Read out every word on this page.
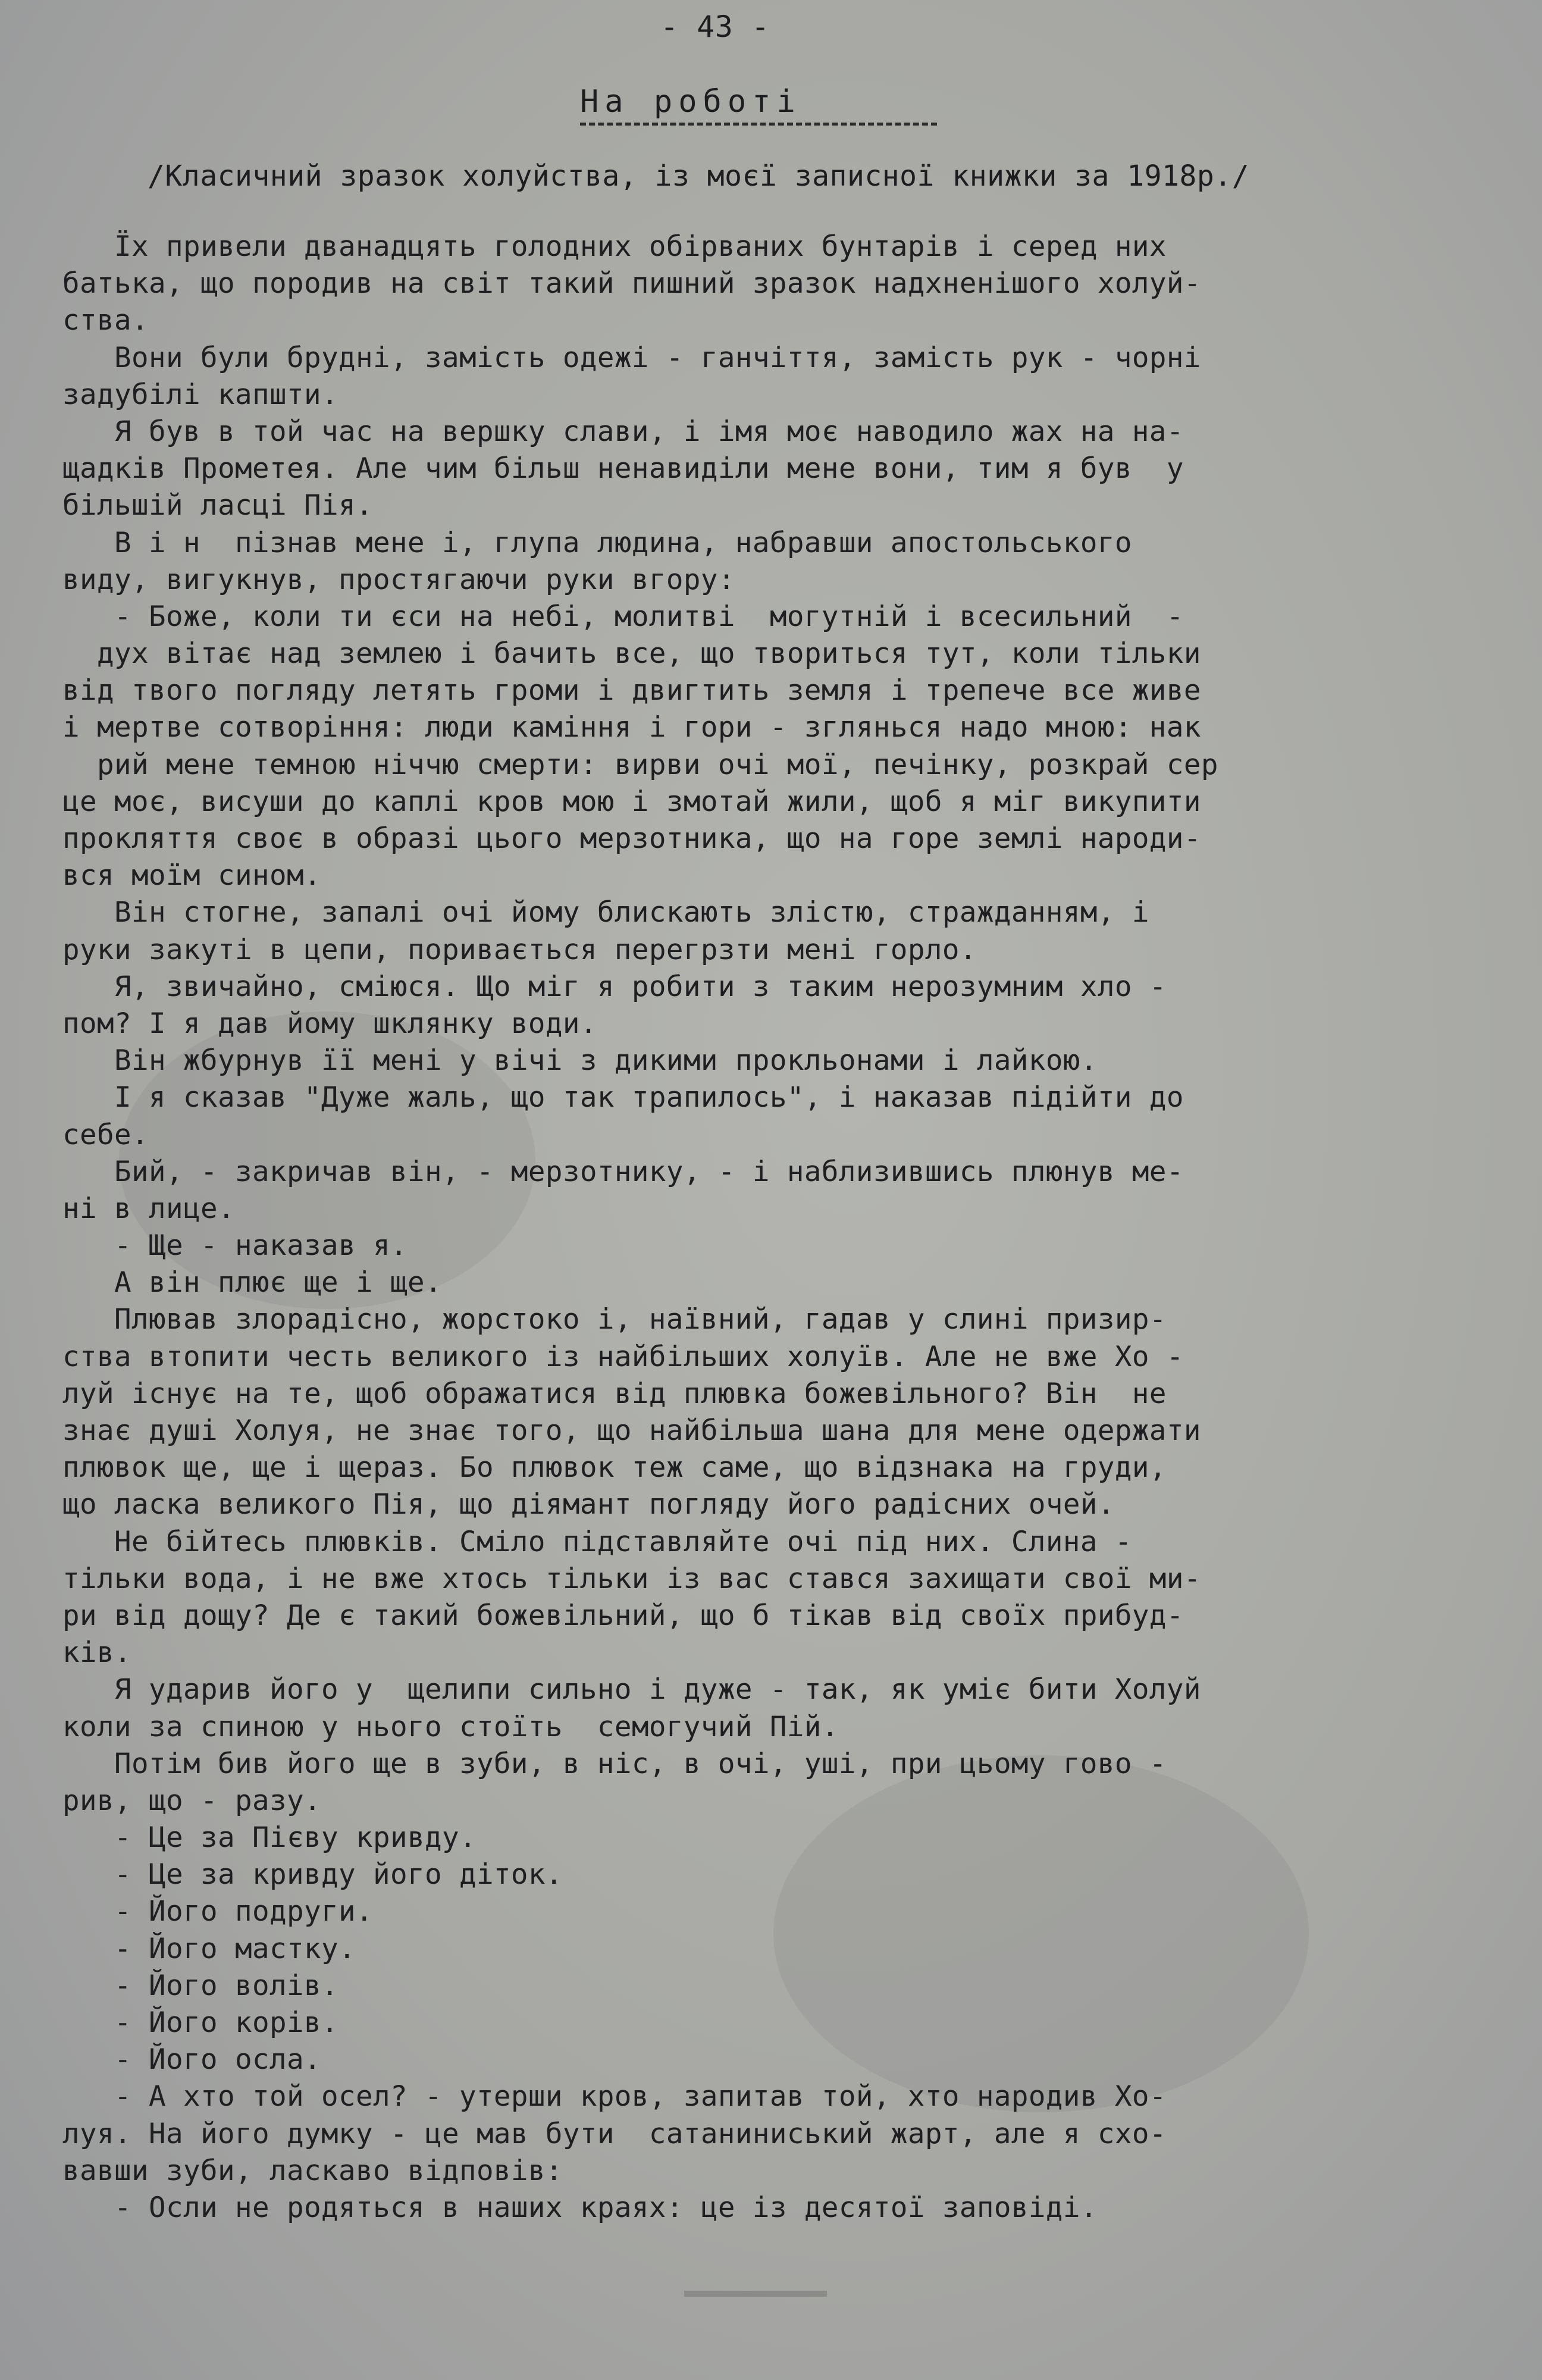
- 43 -
На роботі
/Класичний зразок холуйства, із моєї записної книжки за 1918р./
Їх привели дванадцять голодних обірваних бунтарів і серед них
батька, що породив на світ такий пишний зразок надхненішого холуй-
ства.
Вони були брудні, замість одежі - ганчіття, замість рук - чорні
задубілі капшти.
Я був в той час на вершку слави, і імя моє наводило жах на на-
щадків Прометея. Але чим більш ненавиділи мене вони, тим я був  у
більшій ласці Пія.
В і н  пізнав мене і, глупа людина, набравши апостольського
виду, вигукнув, простягаючи руки вгору:
- Боже, коли ти єси на небі, молитві  могутній і всесильний  -
дух вітає над землею і бачить все, що твориться тут, коли тільки
від твого погляду летять громи і двигтить земля і трепече все живе
і мертве сотворіння: люди каміння і гори - зглянься надо мною: нак
рий мене темною ніччю смерти: вирви очі мої, печінку, розкрай сер
це моє, висуши до каплі кров мою і змотай жили, щоб я міг викупити
прокляття своє в образі цього мерзотника, що на горе землі народи-
вся моїм сином.
Він стогне, запалі очі йому блискають злістю, стражданням, і
руки закуті в цепи, поривається перегрзти мені горло.
Я, звичайно, сміюся. Що міг я робити з таким нерозумним хло -
пом? І я дав йому шклянку води.
Він жбурнув її мені у вічі з дикими прокльонами і лайкою.
І я сказав "Дуже жаль, що так трапилось", і наказав підійти до
себе.
Бий, - закричав він, - мерзотнику, - і наблизившись плюнув ме-
ні в лице.
- Ще - наказав я.
А він плює ще і ще.
Плював злорадісно, жорстоко і, наївний, гадав у слині призир-
ства втопити честь великого із найбільших холуїв. Але не вже Хо -
луй існує на те, щоб ображатися від плювка божевільного? Він  не
знає душі Холуя, не знає того, що найбільша шана для мене одержати
плювок ще, ще і щераз. Бо плювок теж саме, що відзнака на груди,
що ласка великого Пія, що діямант погляду його радісних очей.
Не бійтесь плювків. Сміло підставляйте очі під них. Слина -
тільки вода, і не вже хтось тільки із вас стався захищати свої ми-
ри від дощу? Де є такий божевільний, що б тікав від своїх прибуд-
ків.
Я ударив його у  щелипи сильно і дуже - так, як уміє бити Холуй
коли за спиною у нього стоїть  семогучий Пій.
Потім бив його ще в зуби, в ніс, в очі, уші, при цьому гово -
рив, що - разу.
- Це за Пієву кривду.
- Це за кривду його діток.
- Його подруги.
- Його мастку.
- Його волів.
- Його корів.
- Його осла.
- А хто той осел? - утерши кров, запитав той, хто народив Хо-
луя. На його думку - це мав бути  сатаниниський жарт, але я схо-
вавши зуби, ласкаво відповів:
- Осли не родяться в наших краях: це із десятої заповіді.
